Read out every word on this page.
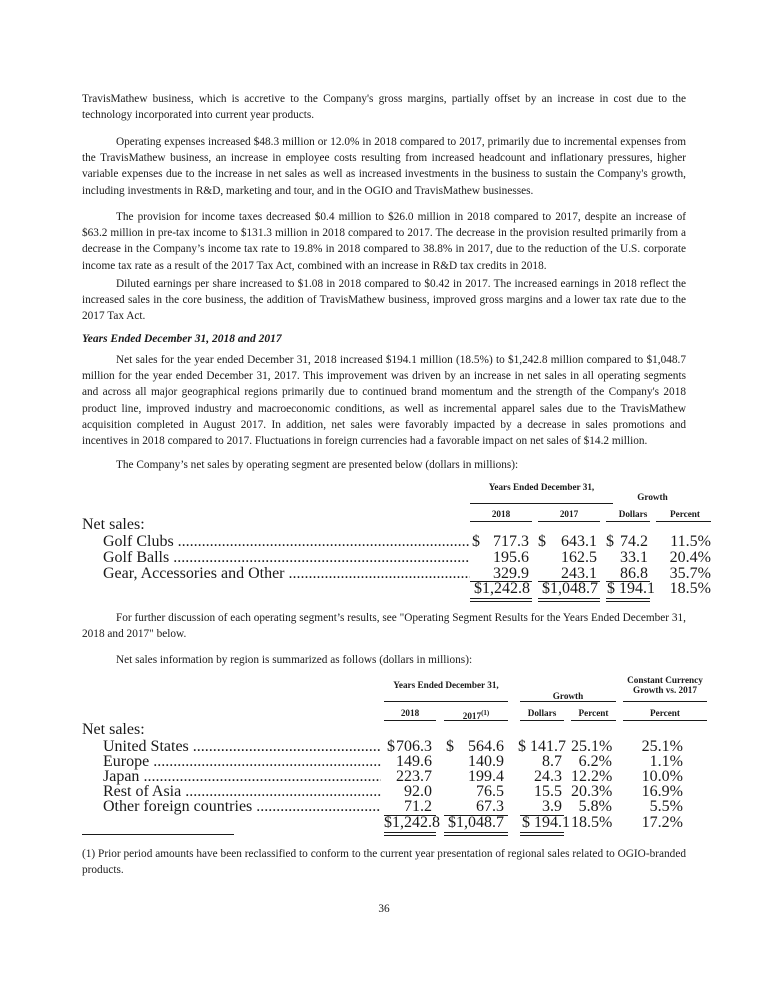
TravisMathew business, which is accretive to the Company's gross margins, partially offset by an increase in cost due to the technology incorporated into current year products.

Operating expenses increased $48.3 million or 12.0% in 2018 compared to 2017, primarily due to incremental expenses from the TravisMathew business, an increase in employee costs resulting from increased headcount and inflationary pressures, higher variable expenses due to the increase in net sales as well as increased investments in the business to sustain the Company's growth, including investments in R&D, marketing and tour, and in the OGIO and TravisMathew businesses.

The provision for income taxes decreased $0.4 million to $26.0 million in 2018 compared to 2017, despite an increase of $63.2 million in pre-tax income to $131.3 million in 2018 compared to 2017. The decrease in the provision resulted primarily from a decrease in the Company’s income tax rate to 19.8% in 2018 compared to 38.8% in 2017, due to the reduction of the U.S. corporate income tax rate as a result of the 2017 Tax Act, combined with an increase in R&D tax credits in 2018.

Diluted earnings per share increased to $1.08 in 2018 compared to $0.42 in 2017. The increased earnings in 2018 reflect the increased sales in the core business, the addition of TravisMathew business, improved gross margins and a lower tax rate due to the 2017 Tax Act.

Years Ended December 31, 2018 and 2017

Net sales for the year ended December 31, 2018 increased $194.1 million (18.5%) to $1,242.8 million compared to $1,048.7 million for the year ended December 31, 2017. This improvement was driven by an increase in net sales in all operating segments and across all major geographical regions primarily due to continued brand momentum and the strength of the Company's 2018 product line, improved industry and macroeconomic conditions, as well as incremental apparel sales due to the TravisMathew acquisition completed in August 2017. In addition, net sales were favorably impacted by a decrease in sales promotions and incentives in 2018 compared to 2017. Fluctuations in foreign currencies had a favorable impact on net sales of $14.2 million.

The Company’s net sales by operating segment are presented below (dollars in millions):

Years Ended December 31,
Growth
2018	2017	Dollars	Percent
Net sales:
Golf Clubs .....	$ 717.3 $ 643.1 $ 74.2	11.5%
Golf Balls .....	195.6	162.5	33.1	20.4%
Gear, Accessories and Other .....	329.9	243.1	86.8	35.7%
$1,242.8 $1,048.7 $ 194.1 18.5%

For further discussion of each operating segment’s results, see "Operating Segment Results for the Years Ended December 31, 2018 and 2017" below.

Net sales information by region is summarized as follows (dollars in millions):

Years Ended December 31,
Growth
Constant Currency Growth vs. 2017
2018	2017$^{(1)}$	Dollars	Percent	Percent
Net sales:
United States .....	$ 706.3 $ 564.6 $ 141.7 25.1%	25.1%
Europe .....	149.6	140.9	8.7	6.2%	1.1%
Japan .....	223.7	199.4	24.3 12.2%	10.0%
Rest of Asia .....	92.0	76.5	15.5 20.3%	16.9%
Other foreign countries .....	71.2	67.3	3.9	5.8%	5.5%
$1,242.8 $1,048.7 $ 194.1 18.5%	17.2%

(1) Prior period amounts have been reclassified to conform to the current year presentation of regional sales related to OGIO-branded products.

36
